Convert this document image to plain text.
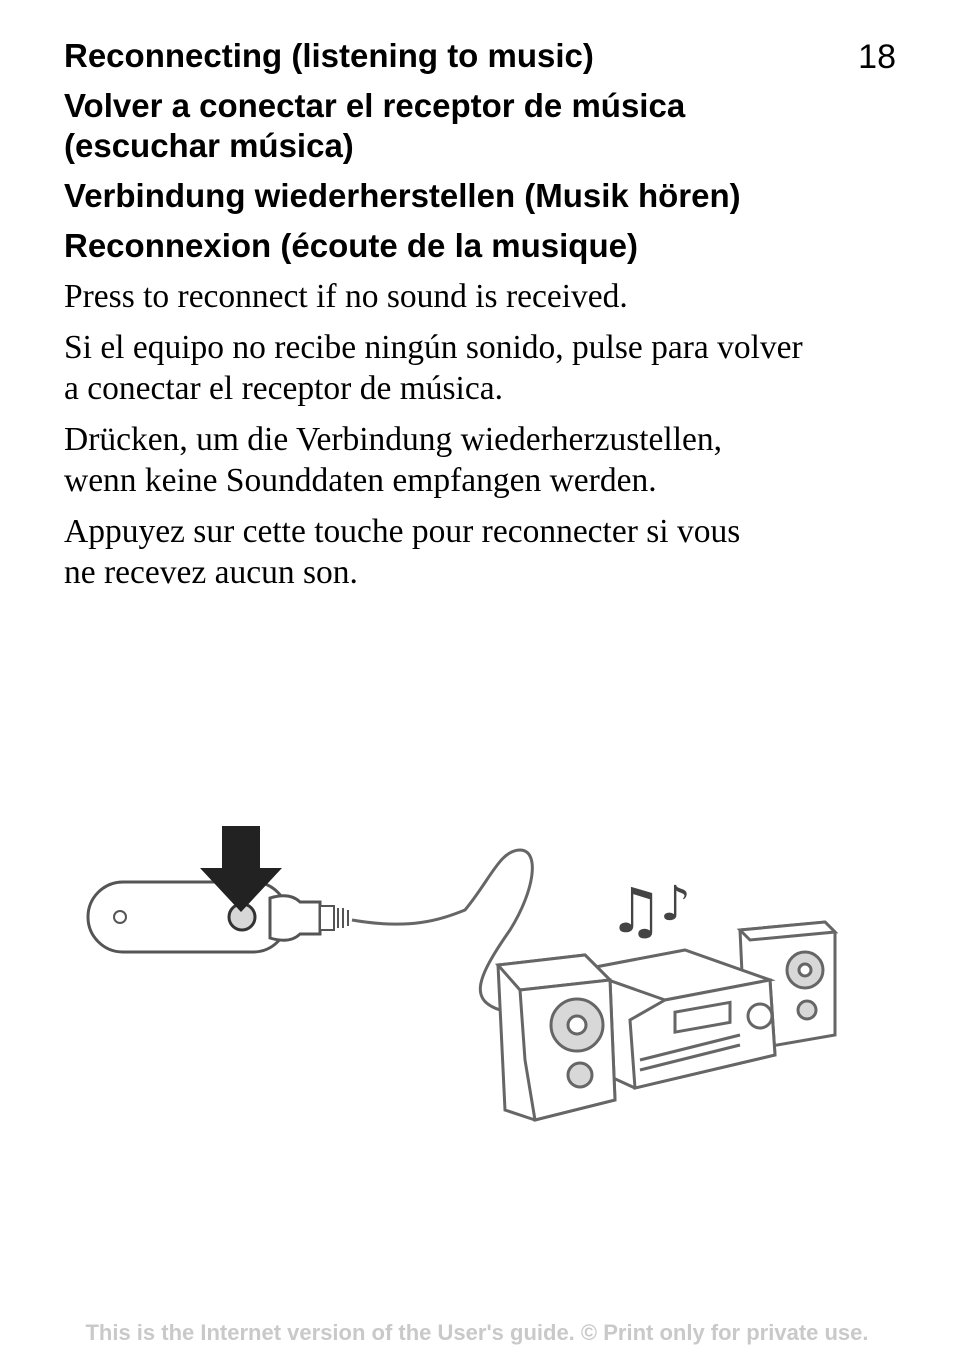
18
Reconnecting (listening to music)
Volver a conectar el receptor de música (escuchar música)
Verbindung wiederherstellen (Musik hören)
Reconnexion (écoute de la musique)

Press to reconnect if no sound is received.

Si el equipo no recibe ningún sonido, pulse para volver
a conectar el receptor de música.

Drücken, um die Verbindung wiederherzustellen,
wenn keine Sounddaten empfangen werden.

Appuyez sur cette touche pour reconnecter si vous
ne recevez aucun son.

♫
♪
This is the Internet version of the User's guide. © Print only for private use.
